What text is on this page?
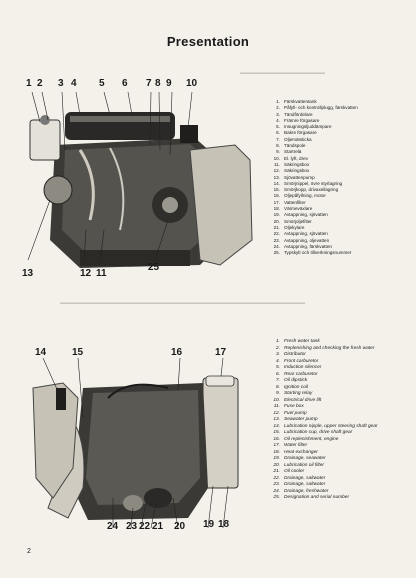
Presentation
▬▬▬▬▬▬▬▬▬▬▬▬▬▬▬▬▬
▬▬▬▬▬▬▬▬▬▬▬▬▬▬▬▬▬▬▬▬▬▬▬▬▬▬▬▬▬▬▬▬▬▬▬▬▬▬▬▬▬▬▬▬▬▬▬▬▬
1 2 3 4 5 6 7 8 9 10
13	12 11
25
1. Färskvattentank
2. Påfyll- och kontrollplugg, färskvatten
3. Tändfördelare
4. Främre förgasare
5. Insugningsljuddämpare
6. Bakre förgasare
7. Oljemätsticka
8. Tändspole
9. Startrelä
10. El. lyft, drev
11. Säkringsbox
12. Säkringsbox
13. Sjövattenpump
14. Smörjnippel, övre styrlagring
15. Smörjkopp, drivaxellagring
16. Oljepåfyllning, motor
17. Vattenfilter
18. Värmeväxlare
19. Avtappning, sjövatten
20. Smörjoljefilter
21. Oljekylare
22. Avtappning, sjövatten
23. Avtappning, oljevatten
24. Avtappning, färskvatten
25. Typskylt och tillverkningsnummer
14	15	16	17
24 23 22 21 20 19 18
1. Fresh water tank
2. Replenishing and checking the fresh water
3. Distributor
4. Front carburetor
5. Induction silencer
6. Rear carburetor
7. Oil dipstick
8. Ignition coil
9. Starting relay
10. Electrical drive lift
11. Fuse box
12. Fuel pump
13. Seawater pump
14. Lubrication nipple, upper steering shaft gear
15. Lubrication cup, drive shaft gear
16. Oil replenishment, engine
17. Water filter
18. Heat exchanger
19. Drainage, seawater
20. Lubrication oil filter
21. Oil cooler
22. Drainage, saltwater
23. Drainage, saltwater
24. Drainage, freshwater
25. Designation and serial number
2
